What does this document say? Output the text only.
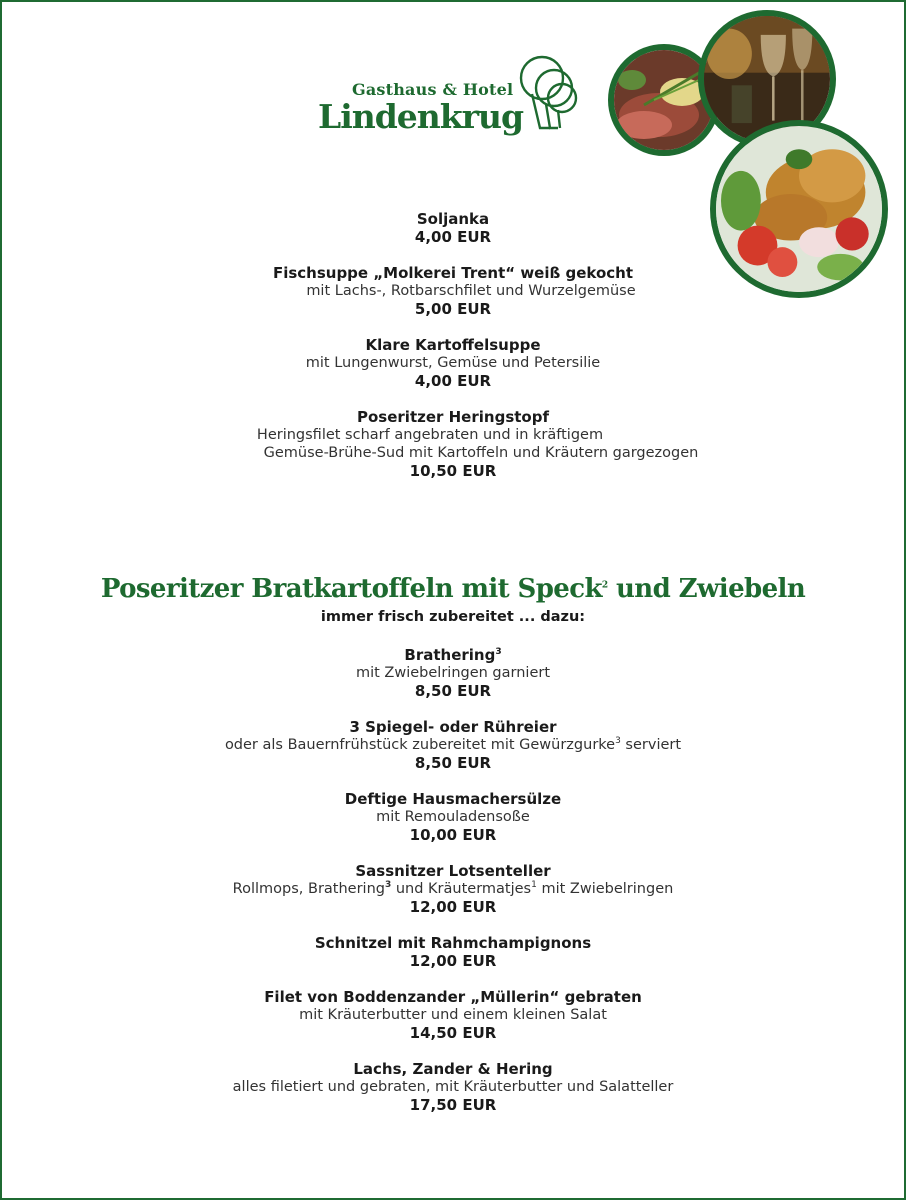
Gasthaus & Hotel
Lindenkrug
Soljanka
4,00 EUR
Fischsuppe „Molkerei Trent“ weiß gekocht
mit Lachs-, Rotbarschfilet und Wurzelgemüse
5,00 EUR
Klare Kartoffelsuppe
mit Lungenwurst, Gemüse und Petersilie
4,00 EUR
Poseritzer Heringstopf
Heringsfilet scharf angebraten und in kräftigem
Gemüse-Brühe-Sud mit Kartoffeln und Kräutern gargezogen
10,50 EUR
Poseritzer Bratkartoffeln mit Speck$^2$ und Zwiebeln
immer frisch zubereitet ... dazu:
Brathering$^3$
mit Zwiebelringen garniert
8,50 EUR
3 Spiegel- oder Rühreier
oder als Bauernfrühstück zubereitet mit Gewürzgurke$^3$ serviert
8,50 EUR
Deftige Hausmachersülze
mit Remouladensoße
10,00 EUR
Sassnitzer Lotsenteller
Rollmops, Brathering$^3$ und Kräutermatjes$^1$ mit Zwiebelringen
12,00 EUR
Schnitzel mit Rahmchampignons
12,00 EUR
Filet von Boddenzander „Müllerin“ gebraten
mit Kräuterbutter und einem kleinen Salat
14,50 EUR
Lachs, Zander & Hering
alles filetiert und gebraten, mit Kräuterbutter und Salatteller
17,50 EUR
